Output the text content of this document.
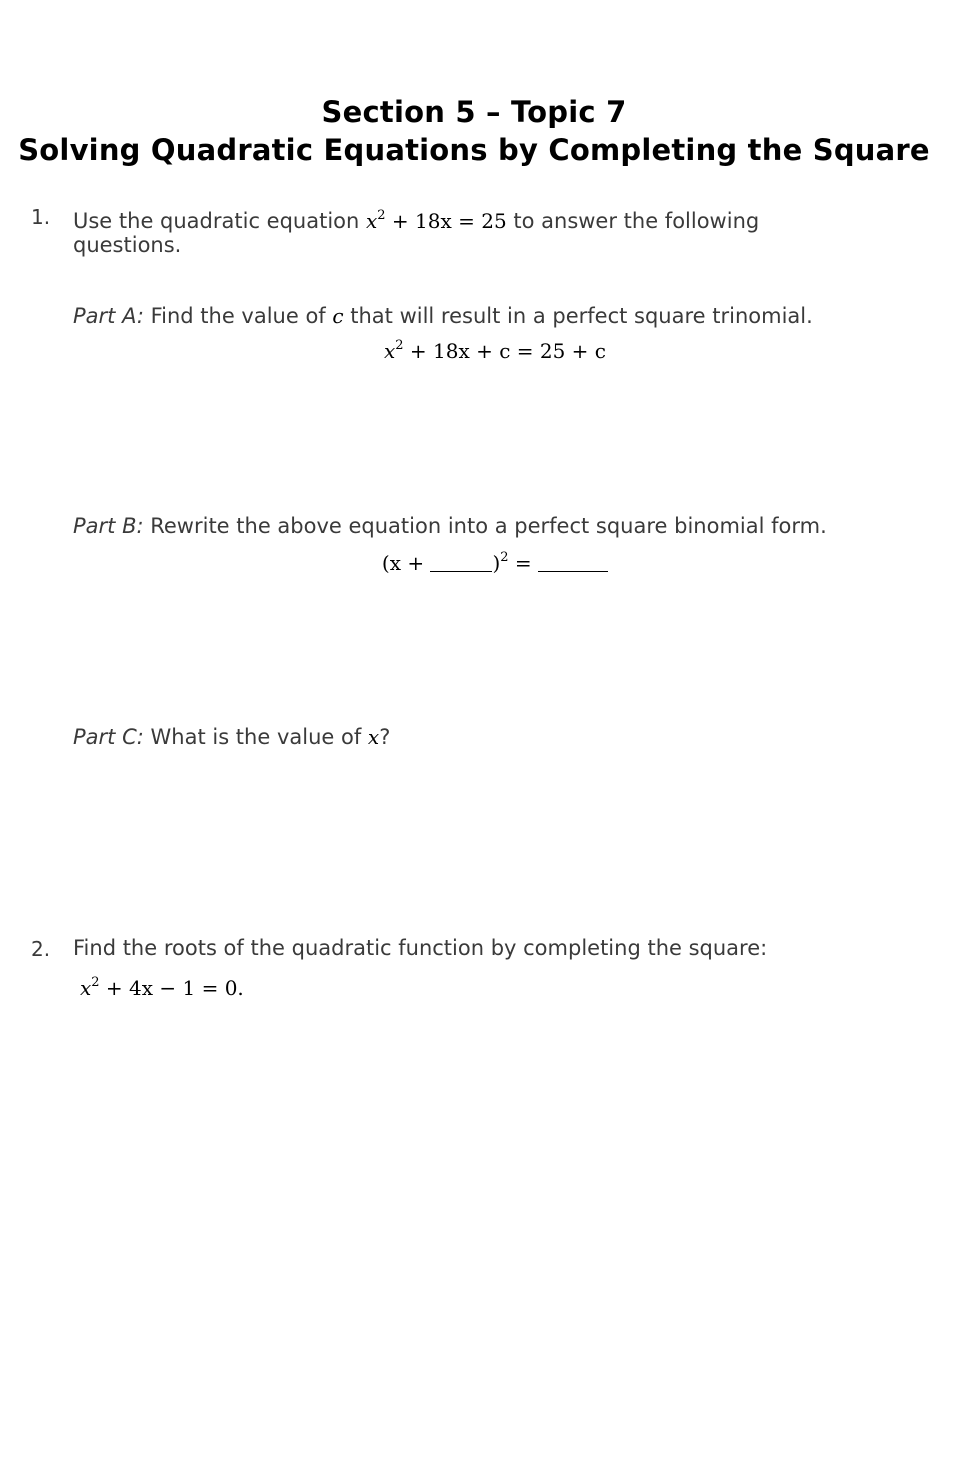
Section 5 – Topic 7
Solving Quadratic Equations by Completing the Square
1. Use the quadratic equation $x^2 + 18x = 25$ to answer the following
questions.
Part A: Find the value of c that will result in a perfect square trinomial.
$x^2 + 18x + c = 25 + c$
Part B: Rewrite the above equation into a perfect square binomial form.
(x +	)$^2$ =
Part C: What is the value of x?
2. Find the roots of the quadratic function by completing the square:
$x^2 + 4x - 1 = 0$.
